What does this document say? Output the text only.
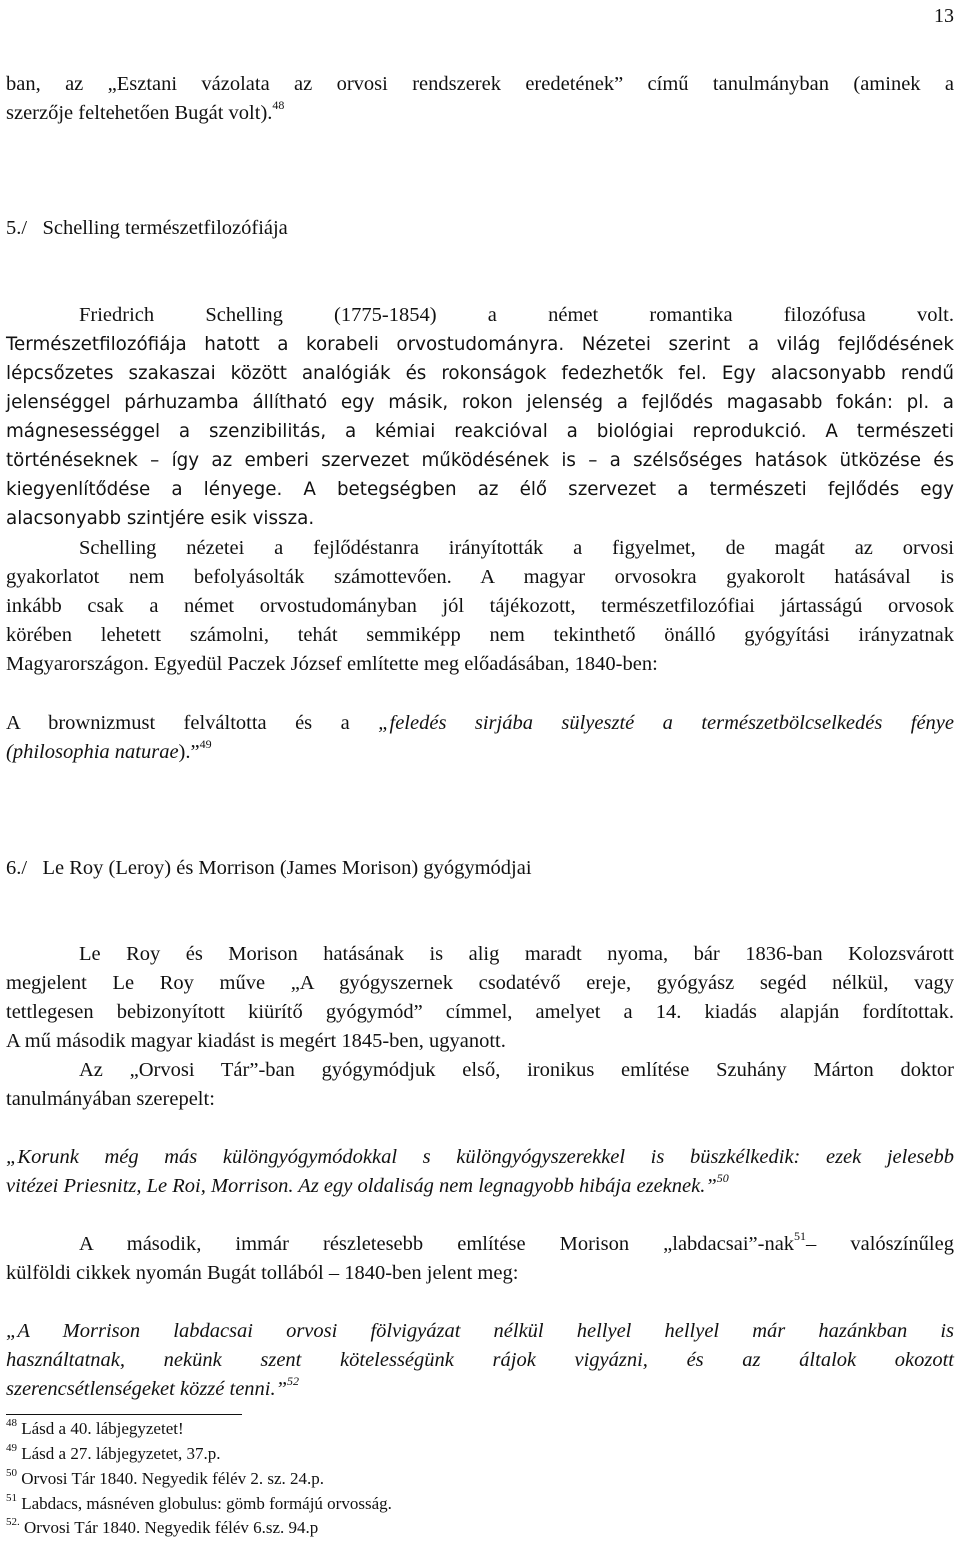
13
ban, az „Esztani vázolata az orvosi rendszerek eredetének” című tanulmányban (aminek a
szerzője feltehetően Bugát volt).$^{48}$
5./ Schelling természetfilozófiája
Friedrich Schelling (1775-1854) a német romantika filozófusa volt.
Természetfilozófiája hatott a korabeli orvostudományra. Nézetei szerint a világ fejlődésének
lépcsőzetes szakaszai között analógiák és rokonságok fedezhetők fel. Egy alacsonyabb rendű
jelenséggel párhuzamba állítható egy másik, rokon jelenség a fejlődés magasabb fokán: pl. a
mágnesességgel a szenzibilitás, a kémiai reakcióval a biológiai reprodukció. A természeti
történéseknek – így az emberi szervezet működésének is – a szélsőséges hatások ütközése és
kiegyenlítődése a lényege. A betegségben az élő szervezet a természeti fejlődés egy
alacsonyabb szintjére esik vissza.
Schelling nézetei a fejlődéstanra irányították a figyelmet, de magát az orvosi
gyakorlatot nem befolyásolták számottevően. A magyar orvosokra gyakorolt hatásával is
inkább csak a német orvostudományban jól tájékozott, természetfilozófiai jártasságú orvosok
körében lehetett számolni, tehát semmiképp nem tekinthető önálló gyógyítási irányzatnak
Magyarországon. Egyedül Paczek József említette meg előadásában, 1840-ben:
A brownizmust felváltotta és a „feledés sirjába sülyeszté a természetbölcselkedés fénye
(philosophia naturae).”$^{49}$
6./ Le Roy (Leroy) és Morrison (James Morison) gyógymódjai
Le Roy és Morison hatásának is alig maradt nyoma, bár 1836-ban Kolozsvárott
megjelent Le Roy műve „A gyógyszernek csodatévő ereje, gyógyász segéd nélkül, vagy
tettlegesen bebizonyított kiürítő gyógymód” címmel, amelyet a 14. kiadás alapján fordítottak.
A mű második magyar kiadást is megért 1845-ben, ugyanott.
Az „Orvosi Tár”-ban gyógymódjuk első, ironikus említése Szuhány Márton doktor
tanulmányában szerepelt:
„Korunk még más különgyógymódokkal s különgyógyszerekkel is büszkélkedik: ezek jelesebb
vitézei Priesnitz, Le Roi, Morrison. Az egy oldaliság nem legnagyobb hibája ezeknek.”$^{50}$
A második, immár részletesebb említése Morison „labdacsai”-nak$^{51}$– valószínűleg
külföldi cikkek nyomán Bugát tollából – 1840-ben jelent meg:
„A Morrison labdacsai orvosi fölvigyázat nélkül hellyel hellyel már hazánkban is
használtatnak, nekünk szent kötelességünk rájok vigyázni, és az általok okozott
szerencsétlenségeket közzé tenni.”$^{52}$
$^{48}$ Lásd a 40. lábjegyzetet!
$^{49}$ Lásd a 27. lábjegyzetet, 37.p.
$^{50}$ Orvosi Tár 1840. Negyedik félév 2. sz. 24.p.
$^{51}$ Labdacs, másnéven globulus: gömb formájú orvosság.
$^{52.}$ Orvosi Tár 1840. Negyedik félév 6.sz. 94.p
